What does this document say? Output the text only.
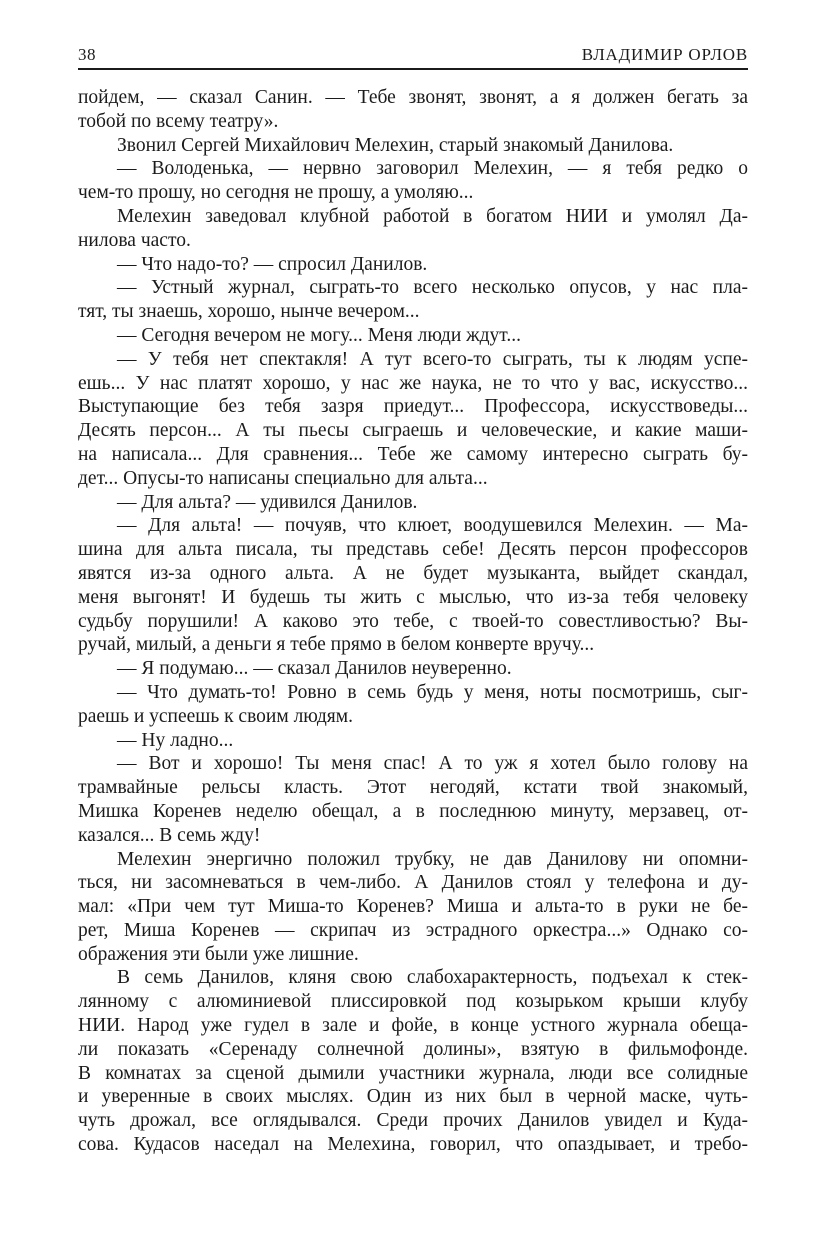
38	ВЛАДИМИР ОРЛОВ
пойдем, — сказал Санин. — Тебе звонят, звонят, а я должен бегать за
тобой по всему театру».
Звонил Сергей Михайлович Мелехин, старый знакомый Данилова.
— Володенька, — нервно заговорил Мелехин, — я тебя редко о
чем-то прошу, но сегодня не прошу, а умоляю...
Мелехин заведовал клубной работой в богатом НИИ и умолял Да-
нилова часто.
— Что надо-то? — спросил Данилов.
— Устный журнал, сыграть-то всего несколько опусов, у нас пла-
тят, ты знаешь, хорошо, нынче вечером...
— Сегодня вечером не могу... Меня люди ждут...
— У тебя нет спектакля! А тут всего-то сыграть, ты к людям успе-
ешь... У нас платят хорошо, у нас же наука, не то что у вас, искусство...
Выступающие без тебя зазря приедут... Профессора, искусствоведы...
Десять персон... А ты пьесы сыграешь и человеческие, и какие маши-
на написала... Для сравнения... Тебе же самому интересно сыграть бу-
дет... Опусы-то написаны специально для альта...
— Для альта? — удивился Данилов.
— Для альта! — почуяв, что клюет, воодушевился Мелехин. — Ма-
шина для альта писала, ты представь себе! Десять персон профессоров
явятся из-за одного альта. А не будет музыканта, выйдет скандал,
меня выгонят! И будешь ты жить с мыслью, что из-за тебя человеку
судьбу порушили! А каково это тебе, с твоей-то совестливостью? Вы-
ручай, милый, а деньги я тебе прямо в белом конверте вручу...
— Я подумаю... — сказал Данилов неуверенно.
— Что думать-то! Ровно в семь будь у меня, ноты посмотришь, сыг-
раешь и успеешь к своим людям.
— Ну ладно...
— Вот и хорошо! Ты меня спас! А то уж я хотел было голову на
трамвайные рельсы класть. Этот негодяй, кстати твой знакомый,
Мишка Коренев неделю обещал, а в последнюю минуту, мерзавец, от-
казался... В семь жду!
Мелехин энергично положил трубку, не дав Данилову ни опомни-
ться, ни засомневаться в чем-либо. А Данилов стоял у телефона и ду-
мал: «При чем тут Миша-то Коренев? Миша и альта-то в руки не бе-
рет, Миша Коренев — скрипач из эстрадного оркестра...» Однако со-
ображения эти были уже лишние.
В семь Данилов, кляня свою слабохарактерность, подъехал к стек-
лянному с алюминиевой плиссировкой под козырьком крыши клубу
НИИ. Народ уже гудел в зале и фойе, в конце устного журнала обеща-
ли показать «Серенаду солнечной долины», взятую в фильмофонде.
В комнатах за сценой дымили участники журнала, люди все солидные
и уверенные в своих мыслях. Один из них был в черной маске, чуть-
чуть дрожал, все оглядывался. Среди прочих Данилов увидел и Куда-
сова. Кудасов наседал на Мелехина, говорил, что опаздывает, и требо-
